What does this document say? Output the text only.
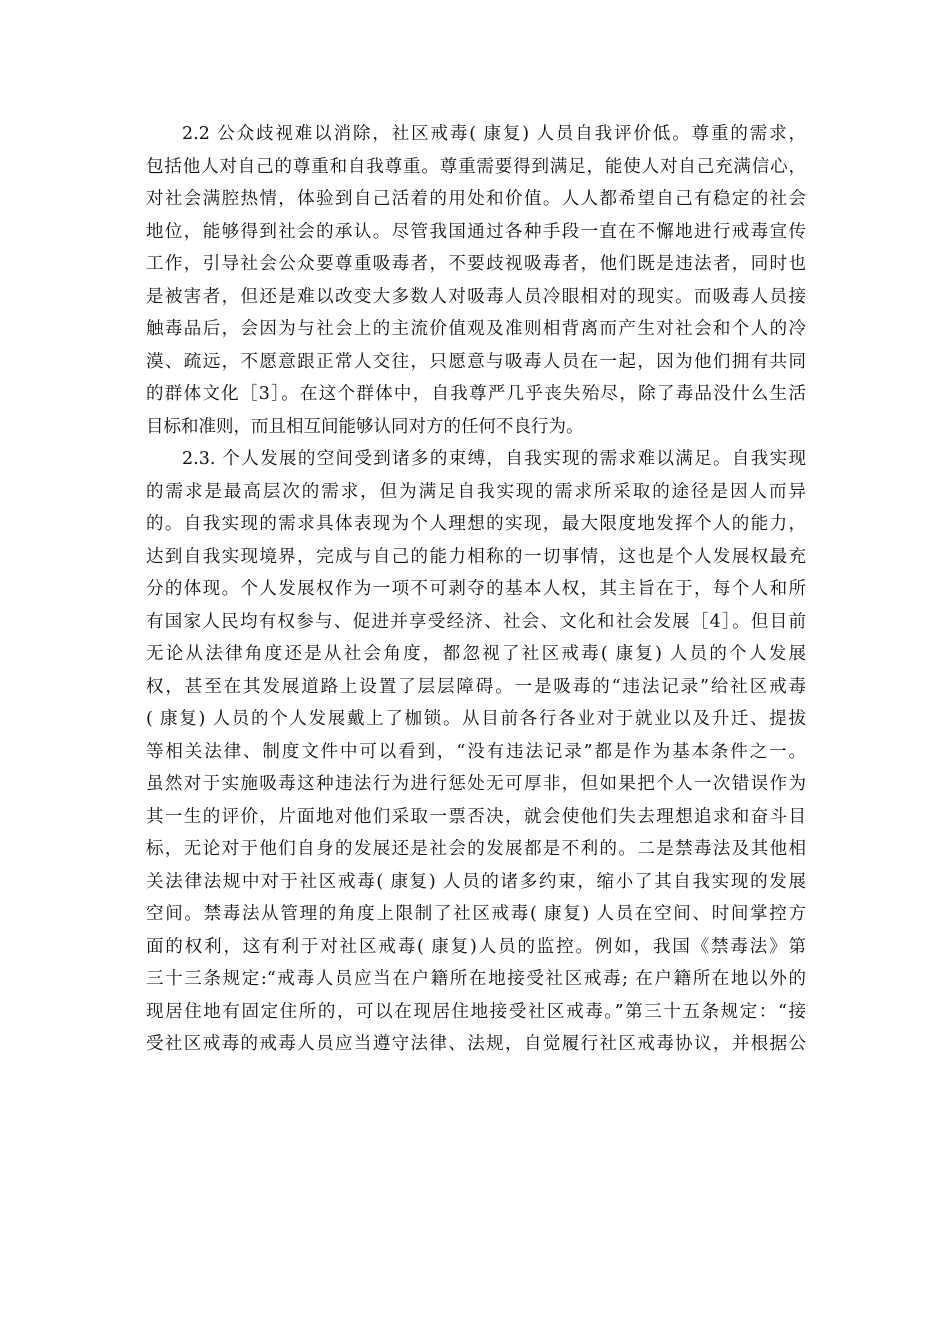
2.2 公众歧视难以消除，社区戒毒( 康复) 人员自我评价低。尊重的需求，
包括他人对自己的尊重和自我尊重。尊重需要得到满足，能使人对自己充满信心，
对社会满腔热情，体验到自己活着的用处和价值。人人都希望自己有稳定的社会
地位，能够得到社会的承认。尽管我国通过各种手段一直在不懈地进行戒毒宣传
工作，引导社会公众要尊重吸毒者，不要歧视吸毒者，他们既是违法者，同时也
是被害者，但还是难以改变大多数人对吸毒人员冷眼相对的现实。而吸毒人员接
触毒品后，会因为与社会上的主流价值观及准则相背离而产生对社会和个人的冷
漠、疏远，不愿意跟正常人交往，只愿意与吸毒人员在一起，因为他们拥有共同
的群体文化［3］。在这个群体中，自我尊严几乎丧失殆尽，除了毒品没什么生活
目标和准则，而且相互间能够认同对方的任何不良行为。
2.3. 个人发展的空间受到诸多的束缚，自我实现的需求难以满足。自我实现
的需求是最高层次的需求，但为满足自我实现的需求所采取的途径是因人而异
的。自我实现的需求具体表现为个人理想的实现，最大限度地发挥个人的能力，
达到自我实现境界，完成与自己的能力相称的一切事情，这也是个人发展权最充
分的体现。个人发展权作为一项不可剥夺的基本人权，其主旨在于，每个人和所
有国家人民均有权参与、促进并享受经济、社会、文化和社会发展［4］。但目前
无论从法律角度还是从社会角度，都忽视了社区戒毒( 康复) 人员的个人发展
权，甚至在其发展道路上设置了层层障碍。一是吸毒的“违法记录”给社区戒毒
( 康复) 人员的个人发展戴上了枷锁。从目前各行各业对于就业以及升迁、提拔
等相关法律、制度文件中可以看到，“没有违法记录”都是作为基本条件之一。
虽然对于实施吸毒这种违法行为进行惩处无可厚非，但如果把个人一次错误作为
其一生的评价，片面地对他们采取一票否决，就会使他们失去理想追求和奋斗目
标，无论对于他们自身的发展还是社会的发展都是不利的。二是禁毒法及其他相
关法律法规中对于社区戒毒( 康复) 人员的诸多约束，缩小了其自我实现的发展
空间。禁毒法从管理的角度上限制了社区戒毒( 康复) 人员在空间、时间掌控方
面的权利，这有利于对社区戒毒( 康复)人员的监控。例如，我国《禁毒法》第
三十三条规定:“戒毒人员应当在户籍所在地接受社区戒毒; 在户籍所在地以外的
现居住地有固定住所的，可以在现居住地接受社区戒毒。”第三十五条规定：“接
受社区戒毒的戒毒人员应当遵守法律、法规，自觉履行社区戒毒协议，并根据公
